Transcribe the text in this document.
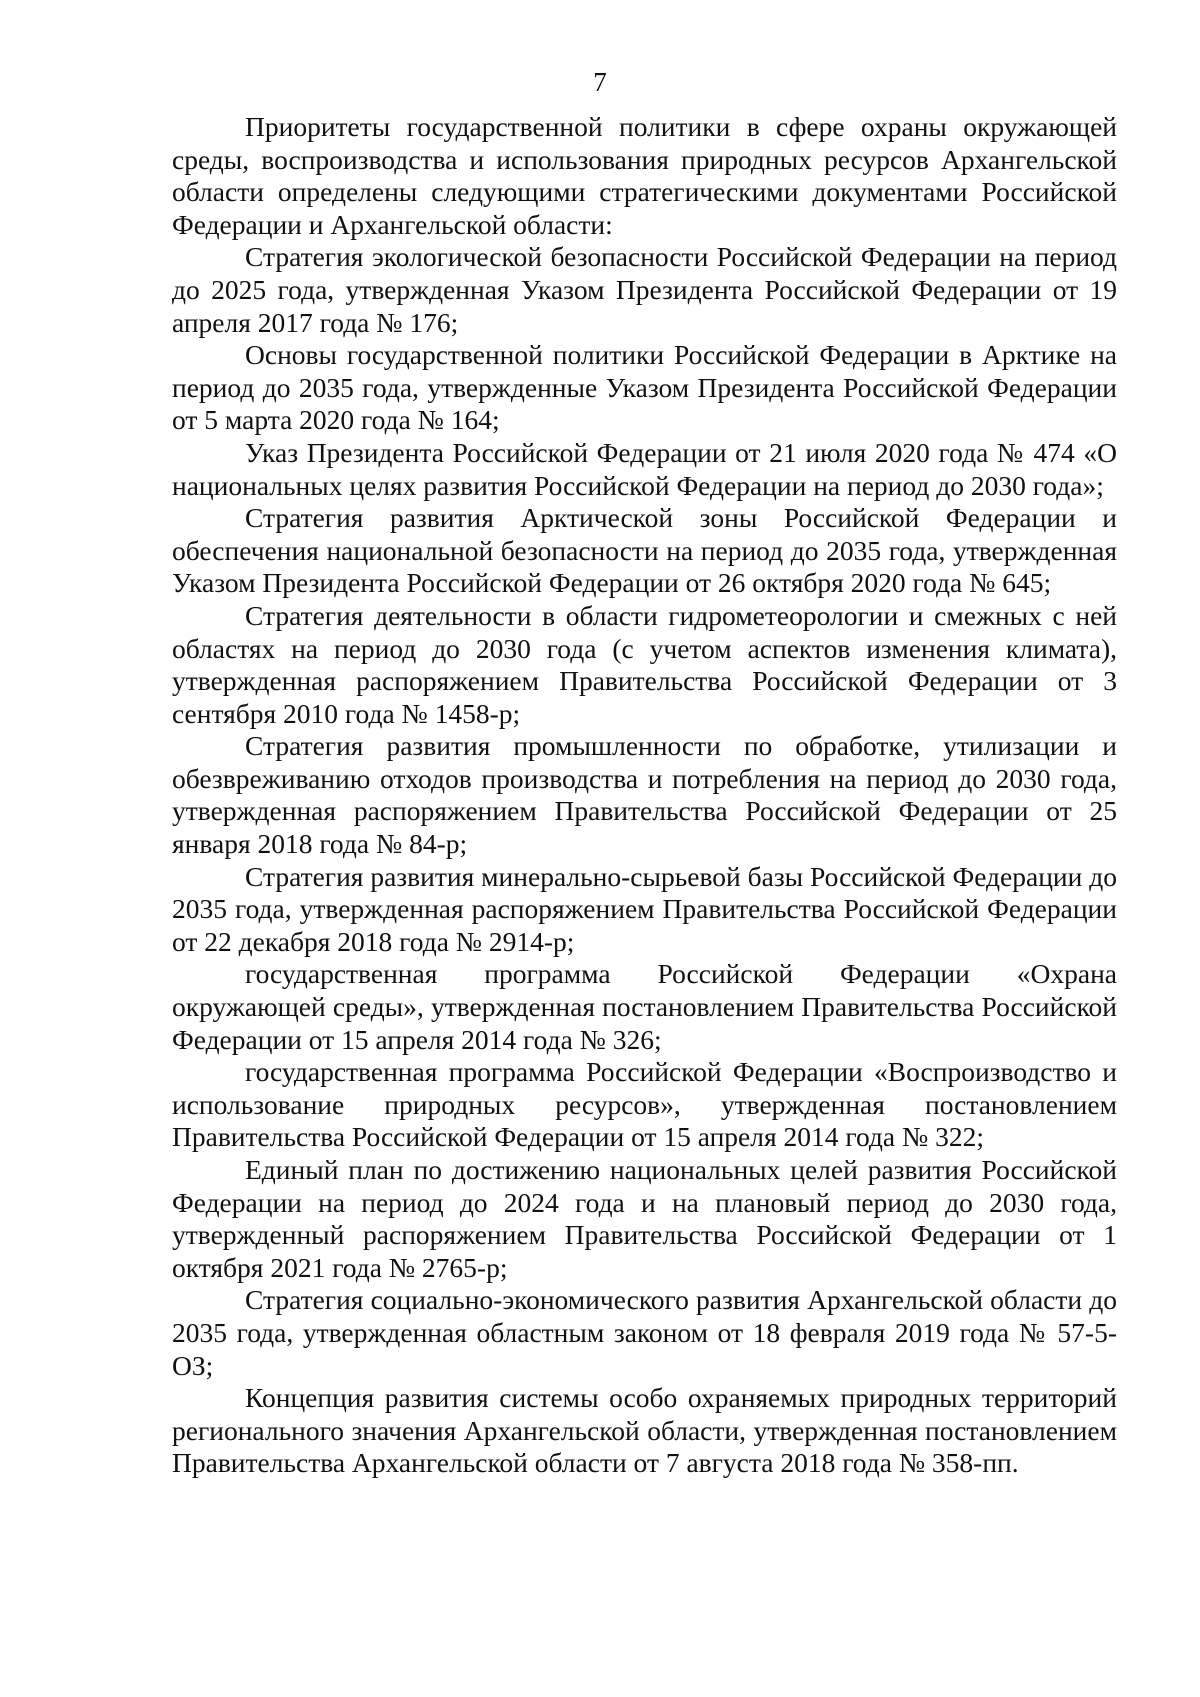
7

Приоритеты государственной политики в сфере охраны окружающей среды, воспроизводства и использования природных ресурсов Архангельской области определены следующими стратегическими документами Российской Федерации и Архангельской области:

Стратегия экологической безопасности Российской Федерации на период до 2025 года, утвержденная Указом Президента Российской Федерации от 19 апреля 2017 года № 176;

Основы государственной политики Российской Федерации в Арктике на период до 2035 года, утвержденные Указом Президента Российской Федерации от 5 марта 2020 года № 164;

Указ Президента Российской Федерации от 21 июля 2020 года № 474 «О национальных целях развития Российской Федерации на период до 2030 года»;

Стратегия развития Арктической зоны Российской Федерации и обеспечения национальной безопасности на период до 2035 года, утвержденная Указом Президента Российской Федерации от 26 октября 2020 года № 645;

Стратегия деятельности в области гидрометеорологии и смежных с ней областях на период до 2030 года (с учетом аспектов изменения климата), утвержденная распоряжением Правительства Российской Федерации от 3 сентября 2010 года № 1458-р;

Стратегия развития промышленности по обработке, утилизации и обезвреживанию отходов производства и потребления на период до 2030 года, утвержденная распоряжением Правительства Российской Федерации от 25 января 2018 года № 84-р;

Стратегия развития минерально-сырьевой базы Российской Федерации до 2035 года, утвержденная распоряжением Правительства Российской Федерации от 22 декабря 2018 года № 2914-р;

государственная программа Российской Федерации «Охрана окружающей среды», утвержденная постановлением Правительства Российской Федерации от 15 апреля 2014 года № 326;

государственная программа Российской Федерации «Воспроизводство и использование природных ресурсов», утвержденная постановлением Правительства Российской Федерации от 15 апреля 2014 года № 322;

Единый план по достижению национальных целей развития Российской Федерации на период до 2024 года и на плановый период до 2030 года, утвержденный распоряжением Правительства Российской Федерации от 1 октября 2021 года № 2765-р;

Стратегия социально-экономического развития Архангельской области до 2035 года, утвержденная областным законом от 18 февраля 2019 года № 57-5-ОЗ;

Концепция развития системы особо охраняемых природных территорий регионального значения Архангельской области, утвержденная постановлением Правительства Архангельской области от 7 августа 2018 года № 358-пп.
